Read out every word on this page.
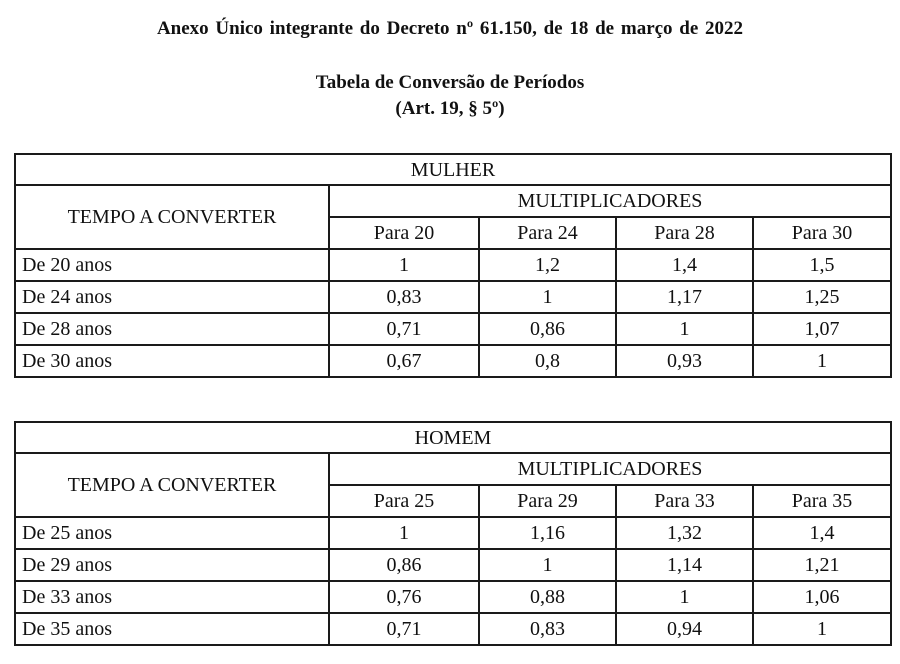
Anexo Único integrante do Decreto nº 61.150, de 18 de março de 2022
Tabela de Conversão de Períodos
(Art. 19, § 5º)
MULHER				
TEMPO A CONVERTER	MULTIPLICADORES			
	Para 20	Para 24	Para 28	Para 30
De 20 anos	1	1,2	1,4	1,5
De 24 anos	0,83	1	1,17	1,25
De 28 anos	0,71	0,86	1	1,07
De 30 anos	0,67	0,8	0,93	1
HOMEM				
TEMPO A CONVERTER	MULTIPLICADORES			
	Para 25	Para 29	Para 33	Para 35
De 25 anos	1	1,16	1,32	1,4
De 29 anos	0,86	1	1,14	1,21
De 33 anos	0,76	0,88	1	1,06
De 35 anos	0,71	0,83	0,94	1
